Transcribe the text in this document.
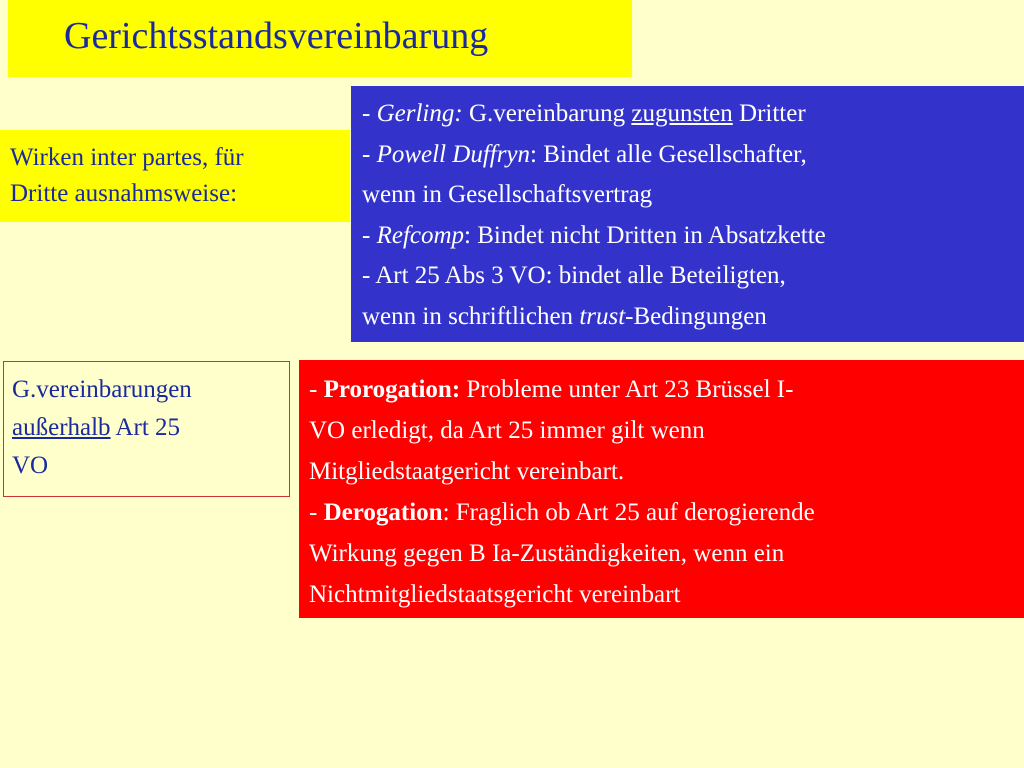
Gerichtsstandsvereinbarung
Wirken inter partes, für
Dritte ausnahmsweise:
- Gerling: G.vereinbarung zugunsten Dritter
- Powell Duffryn: Bindet alle Gesellschafter,
wenn in Gesellschaftsvertrag
- Refcomp: Bindet nicht Dritten in Absatzkette
- Art 25 Abs 3 VO: bindet alle Beteiligten,
wenn in schriftlichen trust-Bedingungen
G.vereinbarungen
außerhalb Art 25
VO
- Prorogation: Probleme unter Art 23 Brüssel I-
VO erledigt, da Art 25 immer gilt wenn
Mitgliedstaatgericht vereinbart.
- Derogation: Fraglich ob Art 25 auf derogierende
Wirkung gegen B Ia-Zuständigkeiten, wenn ein
Nichtmitgliedstaatsgericht vereinbart
